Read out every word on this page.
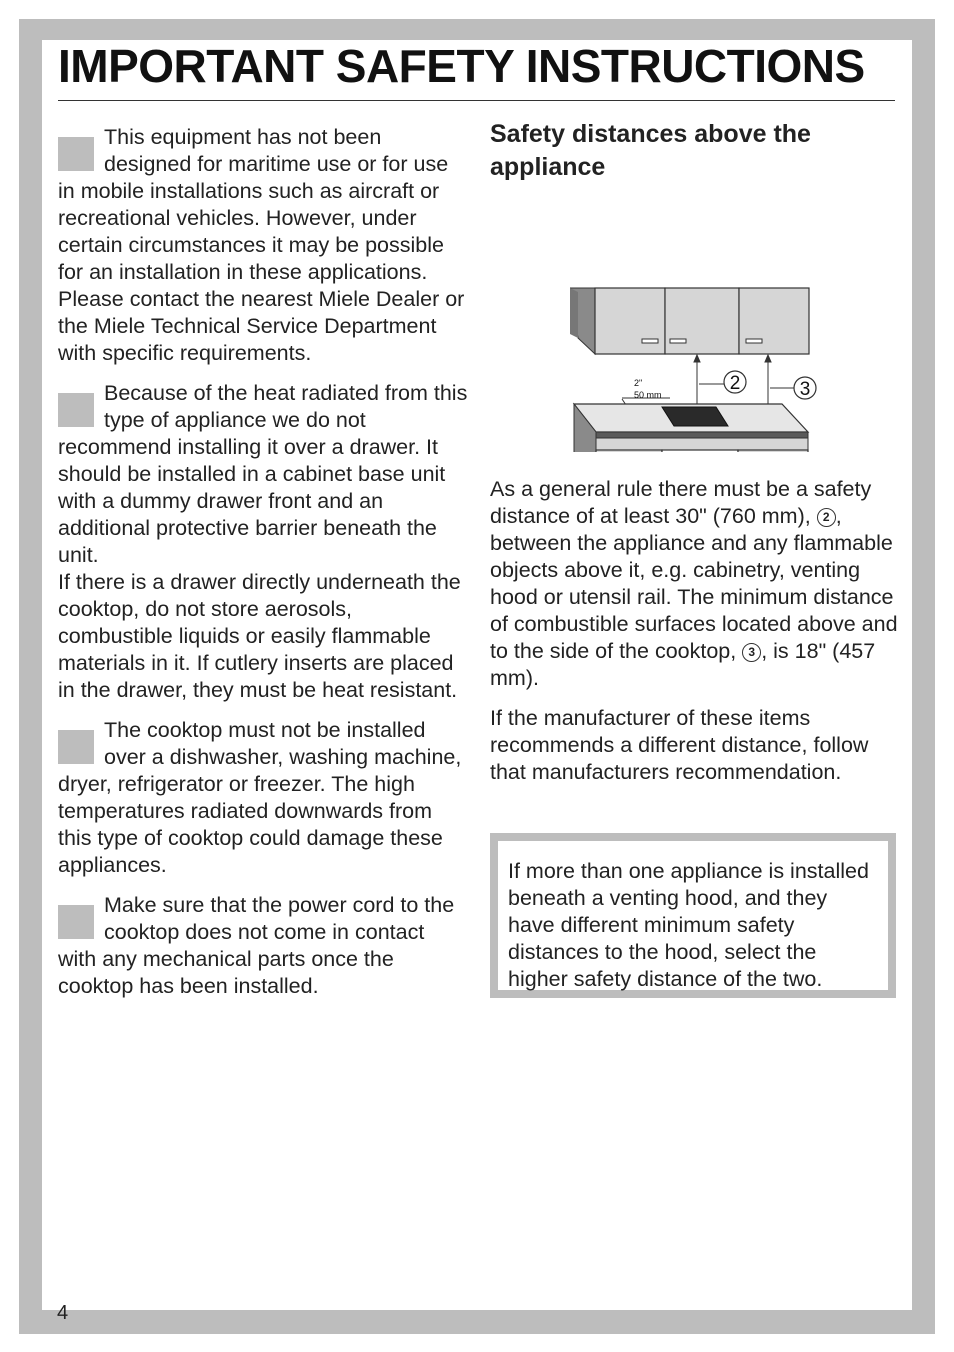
IMPORTANT SAFETY INSTRUCTIONS

This equipment has not been designed for maritime use or for use in mobile installations such as aircraft or recreational vehicles. However, under certain circumstances it may be possible for an installation in these applications. Please contact the nearest Miele Dealer or the Miele Technical Service Department with specific requirements.

Because of the heat radiated from this type of appliance we do not recommend installing it over a drawer. It should be installed in a cabinet base unit with a dummy drawer front and an additional protective barrier beneath the unit.

If there is a drawer directly underneath the cooktop, do not store aerosols, combustible liquids or easily flammable materials in it. If cutlery inserts are placed in the drawer, they must be heat resistant.

The cooktop must not be installed over a dishwasher, washing machine, dryer, refrigerator or freezer. The high temperatures radiated downwards from this type of cooktop could damage these appliances.

Make sure that the power cord to the cooktop does not come in contact with any mechanical parts once the cooktop has been installed.

Safety distances above the appliance
2"
50 mm
2	3

As a general rule there must be a safety distance of at least 30" (760 mm), 2 , between the appliance and any flammable objects above it, e.g. cabinetry, venting hood or utensil rail. The minimum distance of combustible surfaces located above and to the side of the cooktop, 3 , is 18" (457 mm).

If the manufacturer of these items recommends a different distance, follow that manufacturers recommendation.

If more than one appliance is installed beneath a venting hood, and they have different minimum safety distances to the hood, select the higher safety distance of the two.

4
